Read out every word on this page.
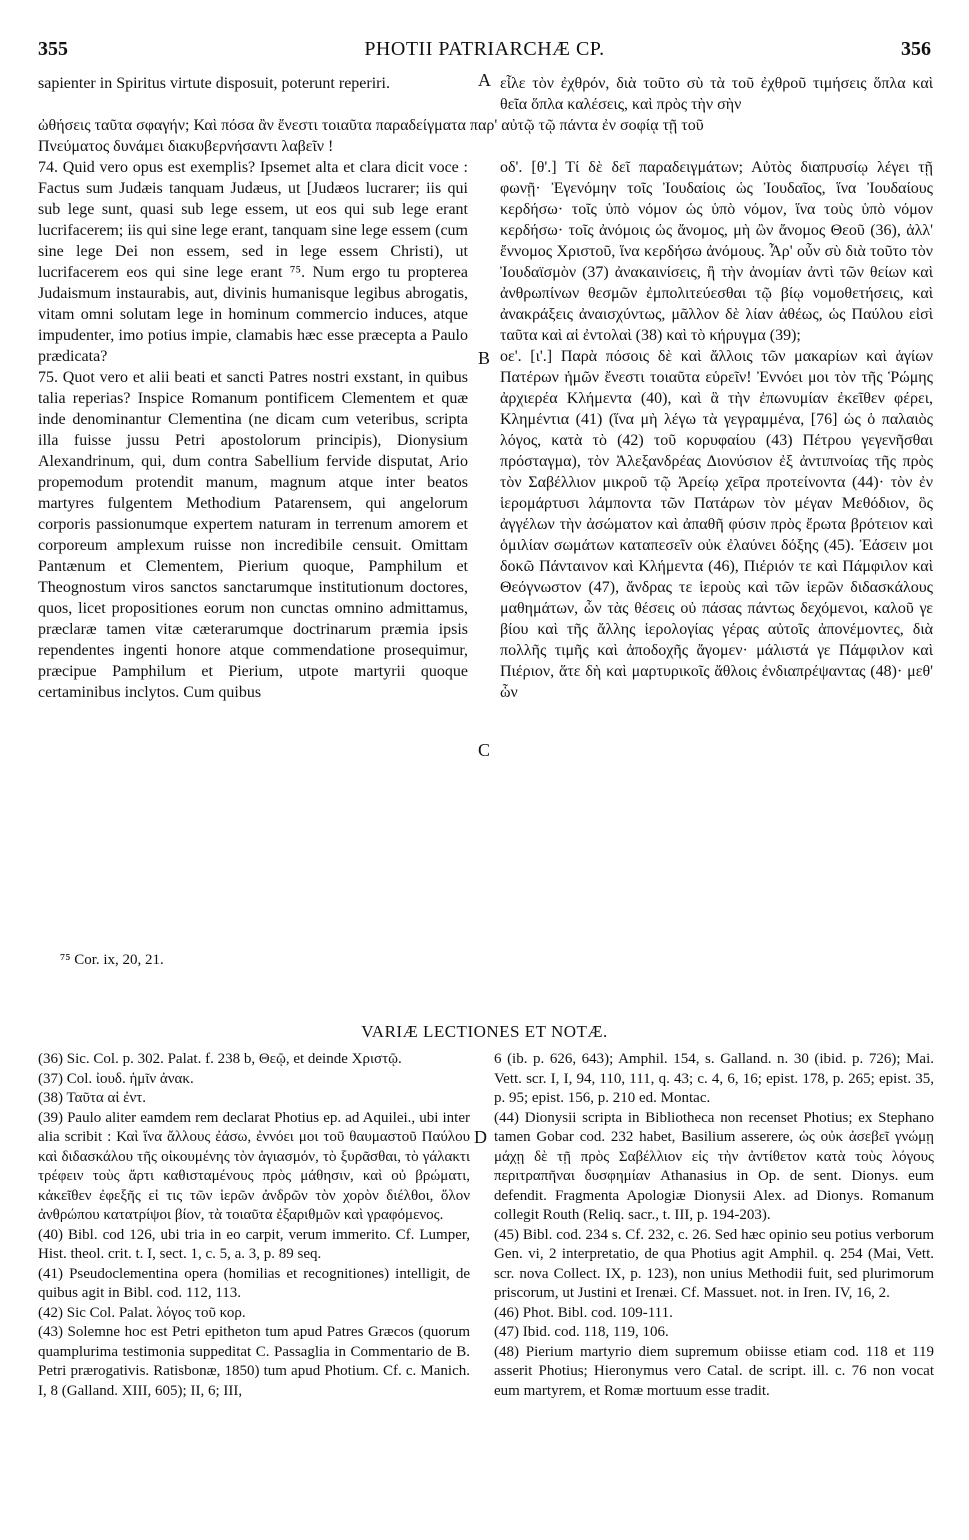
355	PHOTII PATRIARCHÆ CP.	356

sapienter in Spiritus virtute disposuit, poterunt reperiri.	εἶλε τὸν ἐχθρόν, διὰ τοῦτο σὺ τὰ τοῦ ἐχθροῦ τιμήσεις ὅπλα καὶ θεῖα ὅπλα καλέσεις, καὶ πρὸς τὴν σὴν

ὠθήσεις ταῦτα σφαγήν; Καὶ πόσα ἂν ἔνεστι τοιαῦτα παραδείγματα παρ' αὐτῷ τῷ πάντα ἐν σοφίᾳ τῇ τοῦ
Πνεύματος δυνάμει διακυβερνήσαντι λαβεῖν !
A
B
C
D

74. Quid vero opus est exemplis? Ipsemet alta et clara dicit voce : Factus sum Judæis tanquam Judæus, ut [Judæos lucrarer; iis qui sub lege sunt, quasi sub lege essem, ut eos qui sub lege erant lucrifacerem; iis qui sine lege erant, tanquam sine lege essem (cum sine lege Dei non essem, sed in lege essem Christi), ut lucrifacerem eos qui sine lege erant ⁷⁵. Num ergo tu propterea Judaismum instaurabis, aut, divinis humanisque legibus abrogatis, vitam omni solutam lege in hominum commercio induces, atque impudenter, imo potius impie, clamabis hæc esse præcepta a Paulo prædicata?

75. Quot vero et alii beati et sancti Patres nostri exstant, in quibus talia reperias? Inspice Romanum pontificem Clementem et quæ inde denominantur Clementina (ne dicam cum veteribus, scripta illa fuisse jussu Petri apostolorum principis), Dionysium Alexandrinum, qui, dum contra Sabellium fervide disputat, Ario propemodum protendit manum, magnum atque inter beatos martyres fulgentem Methodium Patarensem, qui angelorum corporis passionumque expertem naturam in terrenum amorem et corporeum amplexum ruisse non incredibile censuit. Omittam Pantænum et Clementem, Pierium quoque, Pamphilum et Theognostum viros sanctos sanctarumque institutionum doctores, quos, licet propositiones eorum non cunctas omnino admittamus, præclaræ tamen vitæ cæterarumque doctrinarum præmia ipsis rependentes ingenti honore atque commendatione prosequimur, præcipue Pamphilum et Pierium, utpote martyrii quoque certaminibus inclytos. Cum quibus

οδ'. [θ'.] Τί δὲ δεῖ παραδειγμάτων; Αὐτὸς διαπρυσίῳ λέγει τῇ φωνῇ· Ἐγενόμην τοῖς Ἰουδαίοις ὡς Ἰουδαῖος, ἵνα Ἰουδαίους κερδήσω· τοῖς ὑπὸ νόμον ὡς ὑπὸ νόμον, ἵνα τοὺς ὑπὸ νόμον κερδήσω· τοῖς ἀνόμοις ὡς ἄνομος, μὴ ὢν ἄνομος Θεοῦ (36), ἀλλ' ἔννομος Χριστοῦ, ἵνα κερδήσω ἀνόμους. Ἆρ' οὖν σὺ διὰ τοῦτο τὸν Ἰουδαϊσμὸν (37) ἀνακαινίσεις, ἢ τὴν ἀνομίαν ἀντὶ τῶν θείων καὶ ἀνθρωπίνων θεσμῶν ἐμπολιτεύεσθαι τῷ βίῳ νομοθετήσεις, καὶ ἀνακράξεις ἀναισχύντως, μᾶλλον δὲ λίαν ἀθέως, ὡς Παύλου εἰσὶ ταῦτα καὶ αἱ ἐντολαὶ (38) καὶ τὸ κήρυγμα (39);

οε'. [ι'.] Παρὰ πόσοις δὲ καὶ ἄλλοις τῶν μακαρίων καὶ ἁγίων Πατέρων ἡμῶν ἔνεστι τοιαῦτα εὑρεῖν! Ἐννόει μοι τὸν τῆς Ῥώμης ἀρχιερέα Κλήμεντα (40), καὶ ἃ τὴν ἐπωνυμίαν ἐκεῖθεν φέρει, Κλημέντια (41) (ἵνα μὴ λέγω τὰ γεγραμμένα, [76] ὡς ὁ παλαιὸς λόγος, κατὰ τὸ (42) τοῦ κορυφαίου (43) Πέτρου γεγενῆσθαι πρόσταγμα), τὸν Ἀλεξανδρέας Διονύσιον ἐξ ἀντιπνοίας τῆς πρὸς τὸν Σαβέλλιον μικροῦ τῷ Ἀρείῳ χεῖρα προτείνοντα (44)· τὸν ἐν ἱερομάρτυσι λάμποντα τῶν Πατάρων τὸν μέγαν Μεθόδιον, ὃς ἀγγέλων τὴν ἀσώματον καὶ ἀπαθῆ φύσιν πρὸς ἔρωτα βρότειον καὶ ὁμιλίαν σωμάτων καταπεσεῖν οὐκ ἐλαύνει δόξης (45). Ἐάσειν μοι δοκῶ Πάνταινον καὶ Κλήμεντα (46), Πιέριόν τε καὶ Πάμφιλον καὶ Θεόγνωστον (47), ἄνδρας τε ἱεροὺς καὶ τῶν ἱερῶν διδασκάλους μαθημάτων, ὧν τὰς θέσεις οὐ πάσας πάντως δεχόμενοι, καλοῦ γε βίου καὶ τῆς ἄλλης ἱερολογίας γέρας αὐτοῖς ἀπονέμοντες, διὰ πολλῆς τιμῆς καὶ ἀποδοχῆς ἄγομεν· μάλιστά γε Πάμφιλον καὶ Πιέριον, ἅτε δὴ καὶ μαρτυρικοῖς ἄθλοις ἐνδιαπρέψαντας (48)· μεθ' ὧν

⁷⁵ Cor. ix, 20, 21.
VARIÆ LECTIONES ET NOTÆ.

(36) Sic. Col. p. 302. Palat. f. 238 b, Θεῷ, et deinde Χριστῷ.

(37) Col. ἰουδ. ἡμῖν ἀνακ.

(38) Ταῦτα αἱ ἐντ.

(39) Paulo aliter eamdem rem declarat Photius ep. ad Aquilei., ubi inter alia scribit : Καὶ ἵνα ἄλλους ἐάσω, ἐννόει μοι τοῦ θαυμαστοῦ Παύλου καὶ διδασκάλου τῆς οἰκουμένης τὸν ἁγιασμόν, τὸ ξυρᾶσθαι, τὸ γάλακτι τρέφειν τοὺς ἄρτι καθισταμένους πρὸς μάθησιν, καὶ οὐ βρώματι, κἀκεῖθεν ἐφεξῆς εἰ τις τῶν ἱερῶν ἀνδρῶν τὸν χορὸν διέλθοι, ὅλον ἀνθρώπου κατατρίψοι βίον, τὰ τοιαῦτα ἐξαριθμῶν καὶ γραφόμενος.

(40) Bibl. cod 126, ubi tria in eo carpit, verum immerito. Cf. Lumper, Hist. theol. crit. t. I, sect. 1, c. 5, a. 3, p. 89 seq.

(41) Pseudoclementina opera (homilias et recognitiones) intelligit, de quibus agit in Bibl. cod. 112, 113.

(42) Sic Col. Palat. λόγος τοῦ κορ.

(43) Solemne hoc est Petri epitheton tum apud Patres Græcos (quorum quamplurima testimonia suppeditat C. Passaglia in Commentario de B. Petri prærogativis. Ratisbonæ, 1850) tum apud Photium. Cf. c. Manich. I, 8 (Galland. XIII, 605); II, 6; III,

6 (ib. p. 626, 643); Amphil. 154, s. Galland. n. 30 (ibid. p. 726); Mai. Vett. scr. I, I, 94, 110, 111, q. 43; c. 4, 6, 16; epist. 178, p. 265; epist. 35, p. 95; epist. 156, p. 210 ed. Montac.

(44) Dionysii scripta in Bibliotheca non recenset Photius; ex Stephano tamen Gobar cod. 232 habet, Basilium asserere, ὡς οὐκ ἀσεβεῖ γνώμῃ μάχῃ δὲ τῇ πρὸς Σαβέλλιον εἰς τὴν ἀντίθετον κατὰ τοὺς λόγους περιτραπῆναι δυσφημίαν Athanasius in Op. de sent. Dionys. eum defendit. Fragmenta Apologiæ Dionysii Alex. ad Dionys. Romanum collegit Routh (Reliq. sacr., t. III, p. 194-203).

(45) Bibl. cod. 234 s. Cf. 232, c. 26. Sed hæc opinio seu potius verborum Gen. vi, 2 interpretatio, de qua Photius agit Amphil. q. 254 (Mai, Vett. scr. nova Collect. IX, p. 123), non unius Methodii fuit, sed plurimorum priscorum, ut Justini et Irenæi. Cf. Massuet. not. in Iren. IV, 16, 2.

(46) Phot. Bibl. cod. 109-111.

(47) Ibid. cod. 118, 119, 106.

(48) Pierium martyrio diem supremum obiisse etiam cod. 118 et 119 asserit Photius; Hieronymus vero Catal. de script. ill. c. 76 non vocat eum martyrem, et Romæ mortuum esse tradit.
